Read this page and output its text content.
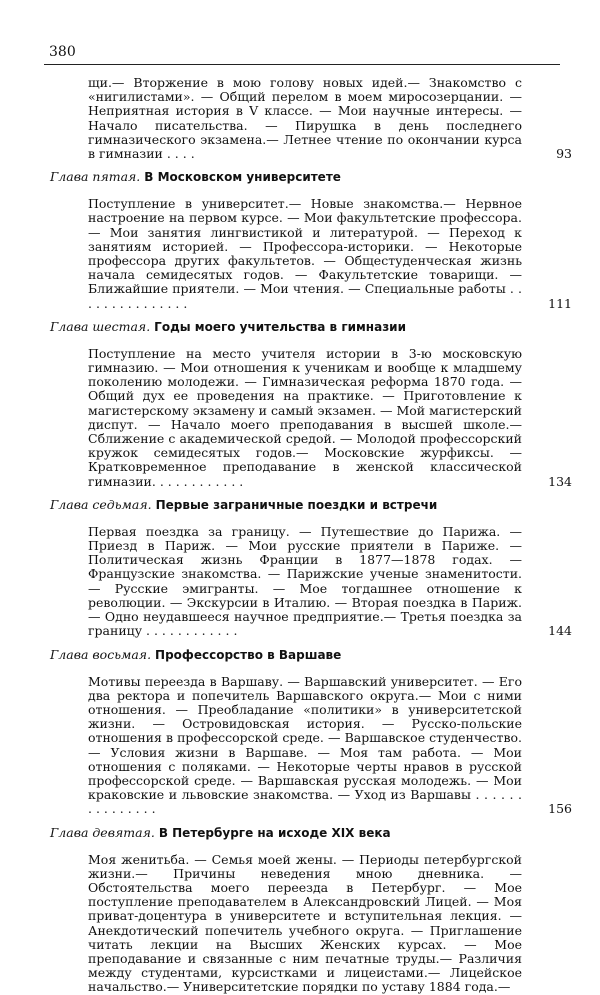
380
щи.— Вторжение в мою голову новых идей.— Знакомство с «нигилистами». — Общий перелом в моем миросозерцании. — Неприятная история в V классе. — Мои научные интересы. — Начало писательства. — Пирушка в день последнего гимназического экзамена.— Летнее чтение по окончании курса в гимназии . . . .	93
Глава пятая. В Московском университете
Поступление в университет.— Новые знакомства.— Нервное настроение на первом курсе. — Мои факультетские профессора. — Мои занятия лингвистикой и литературой. — Переход к занятиям историей. — Профессора-историки. — Некоторые профессора других факультетов. — Общестуденческая жизнь начала семидесятых годов. — Факультетские товарищи. — Ближайшие приятели. — Мои чтения. — Специальные работы . . . . . . . . . . . . . . .	111
Глава шестая. Годы моего учительства в гимназии
Поступление на место учителя истории в 3-ю московскую гимназию. — Мои отношения к ученикам и вообще к младшему поколению молодежи. — Гимназическая реформа 1870 года. — Общий дух ее проведения на практике. — Приготовление к магистерскому экзамену и самый экзамен. — Мой магистерский диспут. — Начало моего преподавания в высшей школе.— Сближение с академической средой. — Молодой профессорский кружок семидесятых годов.— Московские журфиксы. — Кратковременное преподавание в женской классической гимназии. . . . . . . . . . . .	134
Глава седьмая. Первые заграничные поездки и встречи
Первая поездка за границу. — Путешествие до Парижа. — Приезд в Париж. — Мои русские приятели в Париже. — Политическая жизнь Франции в 1877—1878 годах. — Французские знакомства. — Парижские ученые знаменитости. — Русские эмигранты. — Мое тогдашнее отношение к революции. — Экскурсии в Италию. — Вторая поездка в Париж. — Одно неудавшееся научное предприятие.— Третья поездка за границу . . . . . . . . . . . .	144
Глава восьмая. Профессорство в Варшаве
Мотивы переезда в Варшаву. — Варшавский университет. — Его два ректора и попечитель Варшавского округа.— Мои с ними отношения. — Преобладание «политики» в университетской жизни. — Островидовская история. — Русско-польские отношения в профессорской среде. — Варшавское студенчество. — Условия жизни в Варшаве. — Моя там работа. — Мои отношения с поляками. — Некоторые черты нравов в русской профессорской среде. — Варшавская русская молодежь. — Мои краковские и львовские знакомства. — Уход из Варшавы . . . . . . . . . . . . . . .	156
Глава девятая. В Петербурге на исходе XIX века
Моя женитьба. — Семья моей жены. — Периоды петербургской жизни.— Причины неведения мною дневника. — Обстоятельства моего переезда в Петербург. — Мое поступление преподавателем в Александровский Лицей. — Моя приват-доцентура в университете и вступительная лекция. — Анекдотический попечитель учебного округа. — Приглашение читать лекции на Высших Женских курсах. — Мое преподавание и связанные с ним печатные труды.— Различия между студентами, курсистками и лицеистами.— Лицейское начальство.— Университетские порядки по уставу 1884 года.—
